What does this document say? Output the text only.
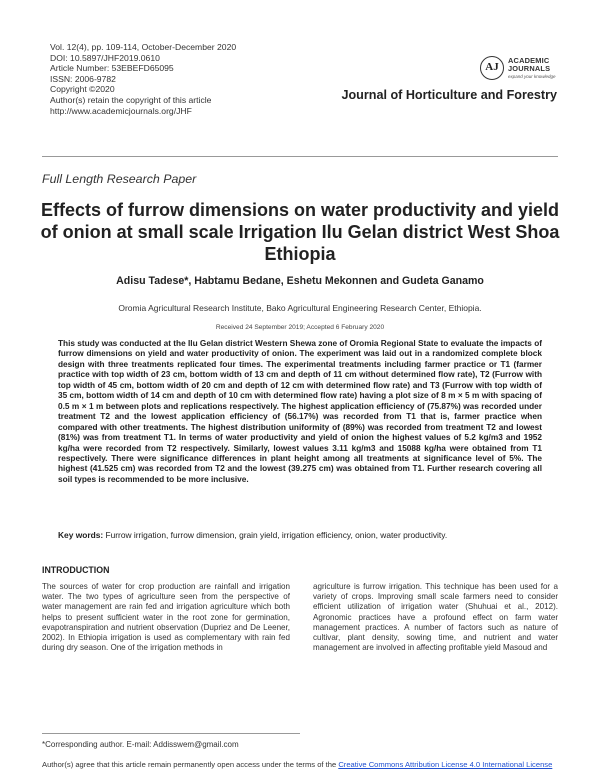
Vol. 12(4), pp. 109-114, October-December 2020
DOI: 10.5897/JHF2019.0610
Article Number: 53EBEFD65095
ISSN: 2006-9782
Copyright ©2020
Author(s) retain the copyright of this article
http://www.academicjournals.org/JHF
AJ
ACADEMIC
JOURNALS
expand your knowledge
Journal of Horticulture and Forestry
Full Length Research Paper
Effects of furrow dimensions on water productivity and yield of onion at small scale Irrigation Ilu Gelan district West Shoa Ethiopia
Adisu Tadese*, Habtamu Bedane, Eshetu Mekonnen and Gudeta Ganamo
Oromia Agricultural Research Institute, Bako Agricultural Engineering Research Center, Ethiopia.
Received 24 September 2019; Accepted 6 February 2020
This study was conducted at the Ilu Gelan district Western Shewa zone of Oromia Regional State to evaluate the impacts of furrow dimensions on yield and water productivity of onion. The experiment was laid out in a randomized complete block design with three treatments replicated four times. The experimental treatments including farmer practice or T1 (farmer practice with top width of 23 cm, bottom width of 13 cm and depth of 11 cm without determined flow rate), T2 (Furrow with top width of 45 cm, bottom width of 20 cm and depth of 12 cm with determined flow rate) and T3 (Furrow with top width of 35 cm, bottom width of 14 cm and depth of 10 cm with determined flow rate) having a plot size of 8 m × 5 m with spacing of 0.5 m × 1 m between plots and replications respectively. The highest application efficiency of (75.87%) was recorded under treatment T2 and the lowest application efficiency of (56.17%) was recorded from T1 that is, farmer practice when compared with other treatments. The highest distribution uniformity of (89%) was recorded from treatment T2 and lowest (81%) was from treatment T1. In terms of water productivity and yield of onion the highest values of 5.2 kg/m3 and 1952 kg/ha were recorded from T2 respectively. Similarly, lowest values 3.11 kg/m3 and 15088 kg/ha were obtained from T1 respectively. There were significance differences in plant height among all treatments at significance level of 5%. The highest (41.525 cm) was recorded from T2 and the lowest (39.275 cm) was obtained from T1. Further research covering all soil types is recommended to be more inclusive.
Key words: Furrow irrigation, furrow dimension, grain yield, irrigation efficiency, onion, water productivity.
INTRODUCTION

The sources of water for crop production are rainfall and irrigation water. The two types of agriculture seen from the perspective of water management are rain fed and irrigation agriculture which both helps to present sufficient water in the root zone for germination, evapotranspiration and nutrient observation (Dupriez and De Leener, 2002). In Ethiopia irrigation is used as complementary with rain fed during dry season. One of the irrigation methods in

agriculture is furrow irrigation. This technique has been used for a variety of crops. Improving small scale farmers need to consider efficient utilization of irrigation water (Shuhuai et al., 2012). Agronomic practices have a profound effect on farm water management practices. A number of factors such as nature of cultivar, plant density, sowing time, and nutrient and water management are involved in affecting profitable yield Masoud and

*Corresponding author. E-mail: Addisswem@gmail.com
Author(s) agree that this article remain permanently open access under the terms of the Creative Commons Attribution License 4.0 International License
